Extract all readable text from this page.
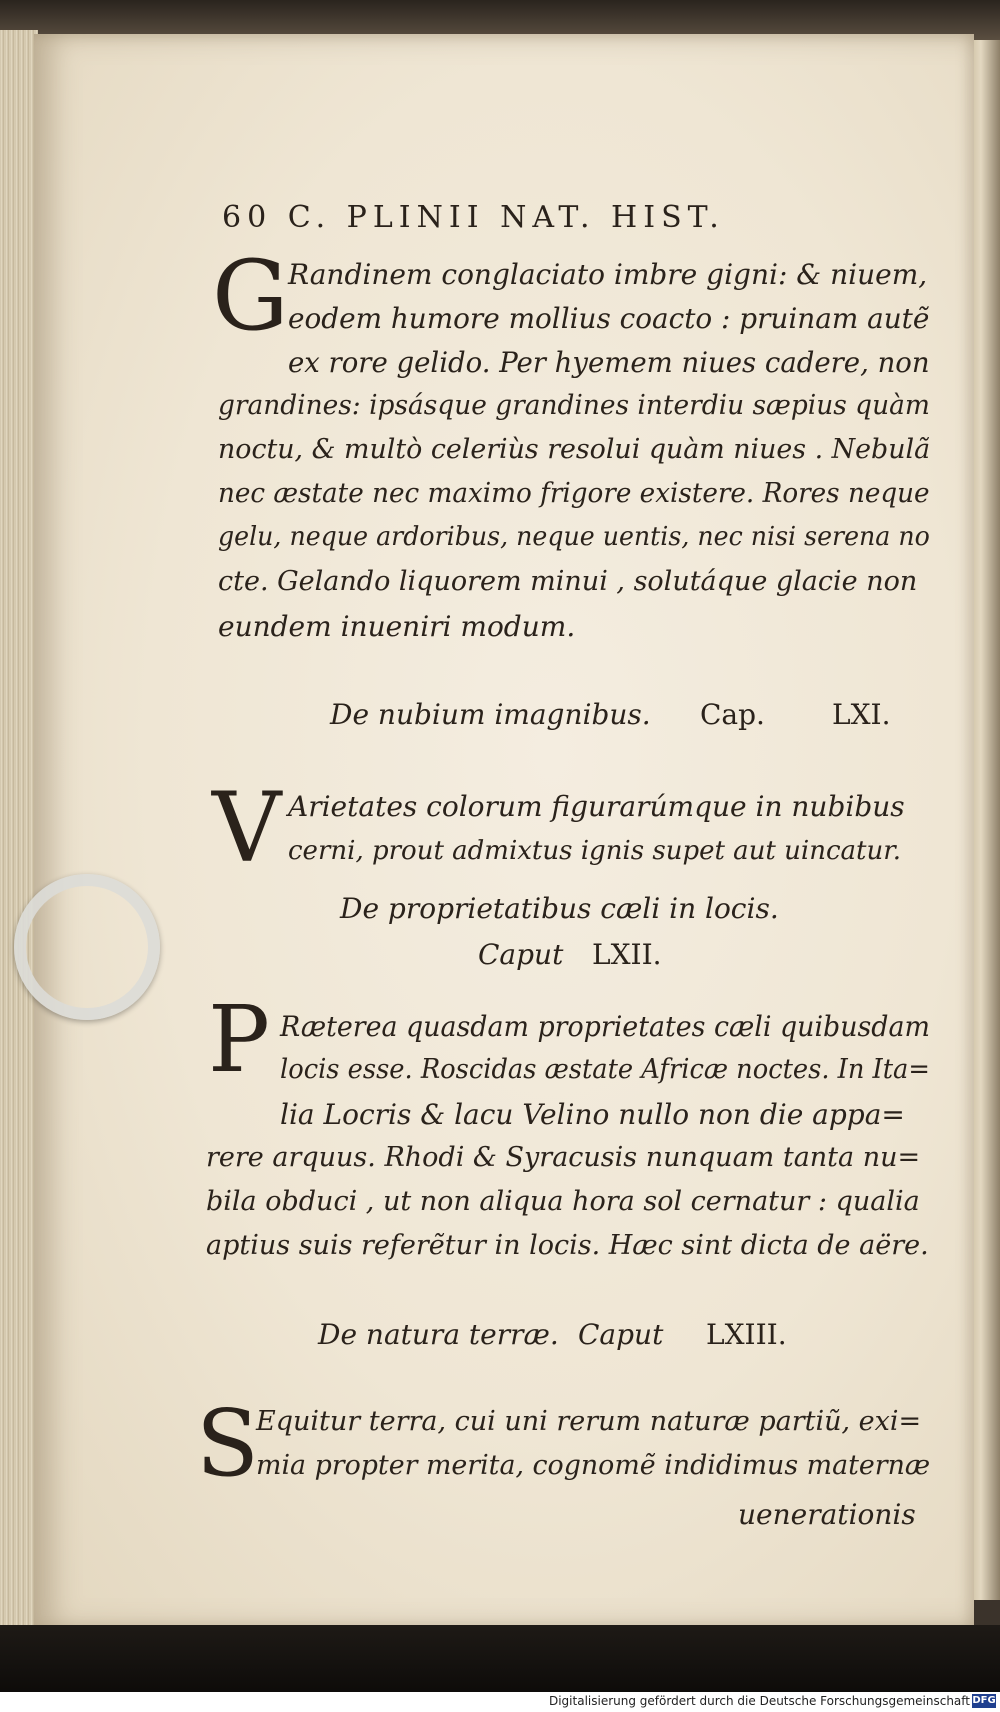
60 C. PLINII NAT. HIST.
G Randinem conglaciato imbre gigni: & niuem,
eodem humore mollius coacto : pruinam autẽ
ex rore gelido. Per hyemem niues cadere, non
grandines: ipsásque grandines interdiu sæpius quàm
noctu, & multò celeriùs resolui quàm niues . Nebulã
nec æstate nec maximo frigore existere. Rores neque
gelu, neque ardoribus, neque uentis, nec nisi serena no
cte. Gelando liquorem minui , solutáque glacie non
eundem inueniri modum.
De nubium imagnibus. Cap. LXI.
V Arietates colorum figurarúmque in nubibus
cerni, prout admixtus ignis supet aut uincatur.
De proprietatibus cæli in locis.
Caput LXII.
P Ræterea quasdam proprietates cæli quibusdam
locis esse. Roscidas æstate Africæ noctes. In Ita=
lia Locris & lacu Velino nullo non die appa=
rere arquus. Rhodi & Syracusis nunquam tanta nu=
bila obduci , ut non aliqua hora sol cernatur : qualia
aptius suis referẽtur in locis. Hæc sint dicta de aëre.
De natura terræ. Caput LXIII.
S
Equitur terra, cui uni rerum naturæ partiũ, exi=
mia propter merita, cognomẽ indidimus maternæ
uenerationis
Digitalisierung gefördert durch die Deutsche Forschungsgemeinschaft DFG
